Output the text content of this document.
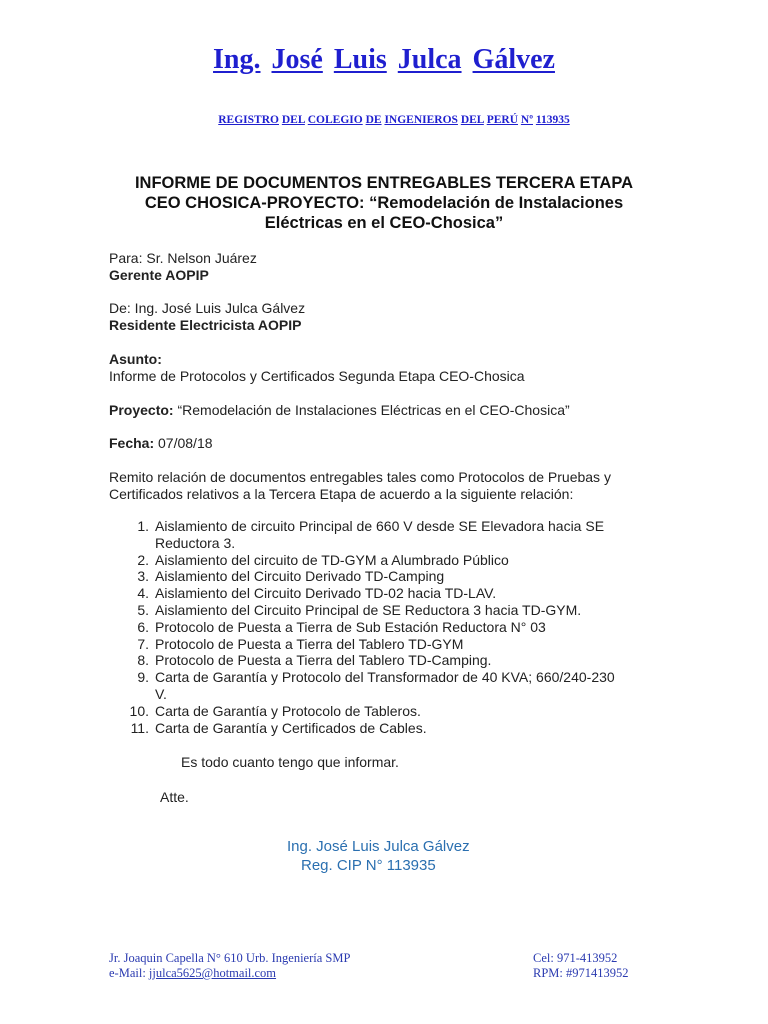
Ing. José Luis Julca Gálvez
REGISTRO DEL COLEGIO DE INGENIEROS DEL PERÚ Nº 113935
INFORME DE DOCUMENTOS ENTREGABLES TERCERA ETAPA
CEO CHOSICA-PROYECTO: “Remodelación de Instalaciones
Eléctricas en el CEO-Chosica”
Para: Sr. Nelson Juárez
Gerente AOPIP
De: Ing. José Luis Julca Gálvez
Residente Electricista AOPIP
Asunto:
Informe de Protocolos y Certificados Segunda Etapa CEO-Chosica
Proyecto: “Remodelación de Instalaciones Eléctricas en el CEO-Chosica”
Fecha: 07/08/18
Remito relación de documentos entregables tales como Protocolos de Pruebas y
Certificados relativos a la Tercera Etapa de acuerdo a la siguiente relación:
1. Aislamiento de circuito Principal de 660 V desde SE Elevadora hacia SE
Reductora 3.
2. Aislamiento del circuito de TD-GYM a Alumbrado Público
3. Aislamiento del Circuito Derivado TD-Camping
4. Aislamiento del Circuito Derivado TD-02 hacia TD-LAV.
5. Aislamiento del Circuito Principal de SE Reductora 3 hacia TD-GYM.
6. Protocolo de Puesta a Tierra de Sub Estación Reductora N° 03
7. Protocolo de Puesta a Tierra del Tablero TD-GYM
8. Protocolo de Puesta a Tierra del Tablero TD-Camping.
9. Carta de Garantía y Protocolo del Transformador de 40 KVA; 660/240-230
V.
10. Carta de Garantía y Protocolo de Tableros.
11. Carta de Garantía y Certificados de Cables.
Es todo cuanto tengo que informar.
Atte.
Ing. José Luis Julca Gálvez
Reg. CIP N° 113935
Jr. Joaquin Capella N° 610 Urb. Ingeniería SMP
e-Mail: jjulca5625@hotmail.com
Cel: 971-413952
RPM: #971413952
